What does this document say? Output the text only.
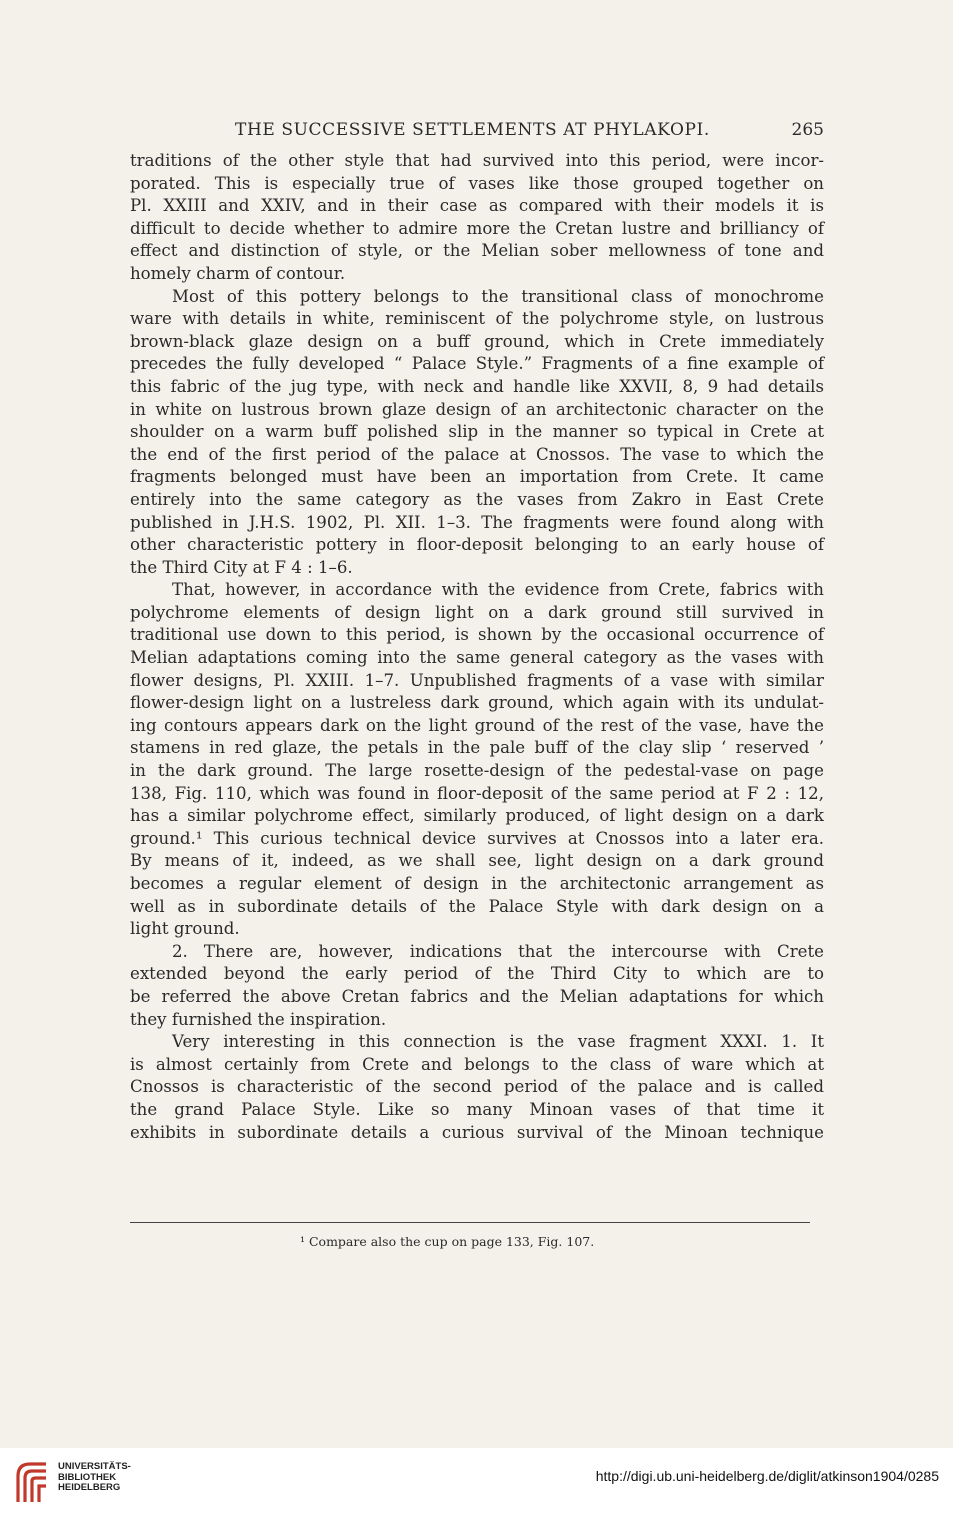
THE SUCCESSIVE SETTLEMENTS AT PHYLAKOPI.	265
traditions of the other style that had survived into this period, were incor-
porated. This is especially true of vases like those grouped together on
Pl. XXIII and XXIV, and in their case as compared with their models it is
difficult to decide whether to admire more the Cretan lustre and brilliancy of
effect and distinction of style, or the Melian sober mellowness of tone and
homely charm of contour.
Most of this pottery belongs to the transitional class of monochrome
ware with details in white, reminiscent of the polychrome style, on lustrous
brown-black glaze design on a buff ground, which in Crete immediately
precedes the fully developed “ Palace Style.” Fragments of a fine example of
this fabric of the jug type, with neck and handle like XXVII, 8, 9 had details
in white on lustrous brown glaze design of an architectonic character on the
shoulder on a warm buff polished slip in the manner so typical in Crete at
the end of the first period of the palace at Cnossos. The vase to which the
fragments belonged must have been an importation from Crete. It came
entirely into the same category as the vases from Zakro in East Crete
published in J.H.S. 1902, Pl. XII. 1–3. The fragments were found along with
other characteristic pottery in floor-deposit belonging to an early house of
the Third City at F 4 : 1–6.
That, however, in accordance with the evidence from Crete, fabrics with
polychrome elements of design light on a dark ground still survived in
traditional use down to this period, is shown by the occasional occurrence of
Melian adaptations coming into the same general category as the vases with
flower designs, Pl. XXIII. 1–7. Unpublished fragments of a vase with similar
flower-design light on a lustreless dark ground, which again with its undulat-
ing contours appears dark on the light ground of the rest of the vase, have the
stamens in red glaze, the petals in the pale buff of the clay slip ‘ reserved ’
in the dark ground. The large rosette-design of the pedestal-vase on page
138, Fig. 110, which was found in floor-deposit of the same period at F 2 : 12,
has a similar polychrome effect, similarly produced, of light design on a dark
ground.¹ This curious technical device survives at Cnossos into a later era.
By means of it, indeed, as we shall see, light design on a dark ground
becomes a regular element of design in the architectonic arrangement as
well as in subordinate details of the Palace Style with dark design on a
light ground.
2. There are, however, indications that the intercourse with Crete
extended beyond the early period of the Third City to which are to
be referred the above Cretan fabrics and the Melian adaptations for which
they furnished the inspiration.
Very interesting in this connection is the vase fragment XXXI. 1. It
is almost certainly from Crete and belongs to the class of ware which at
Cnossos is characteristic of the second period of the palace and is called
the grand Palace Style. Like so many Minoan vases of that time it
exhibits in subordinate details a curious survival of the Minoan technique
¹ Compare also the cup on page 133, Fig. 107.
UNIVERSITÄTS-
BIBLIOTHEK
HEIDELBERG
http://digi.ub.uni-heidelberg.de/diglit/atkinson1904/0285
